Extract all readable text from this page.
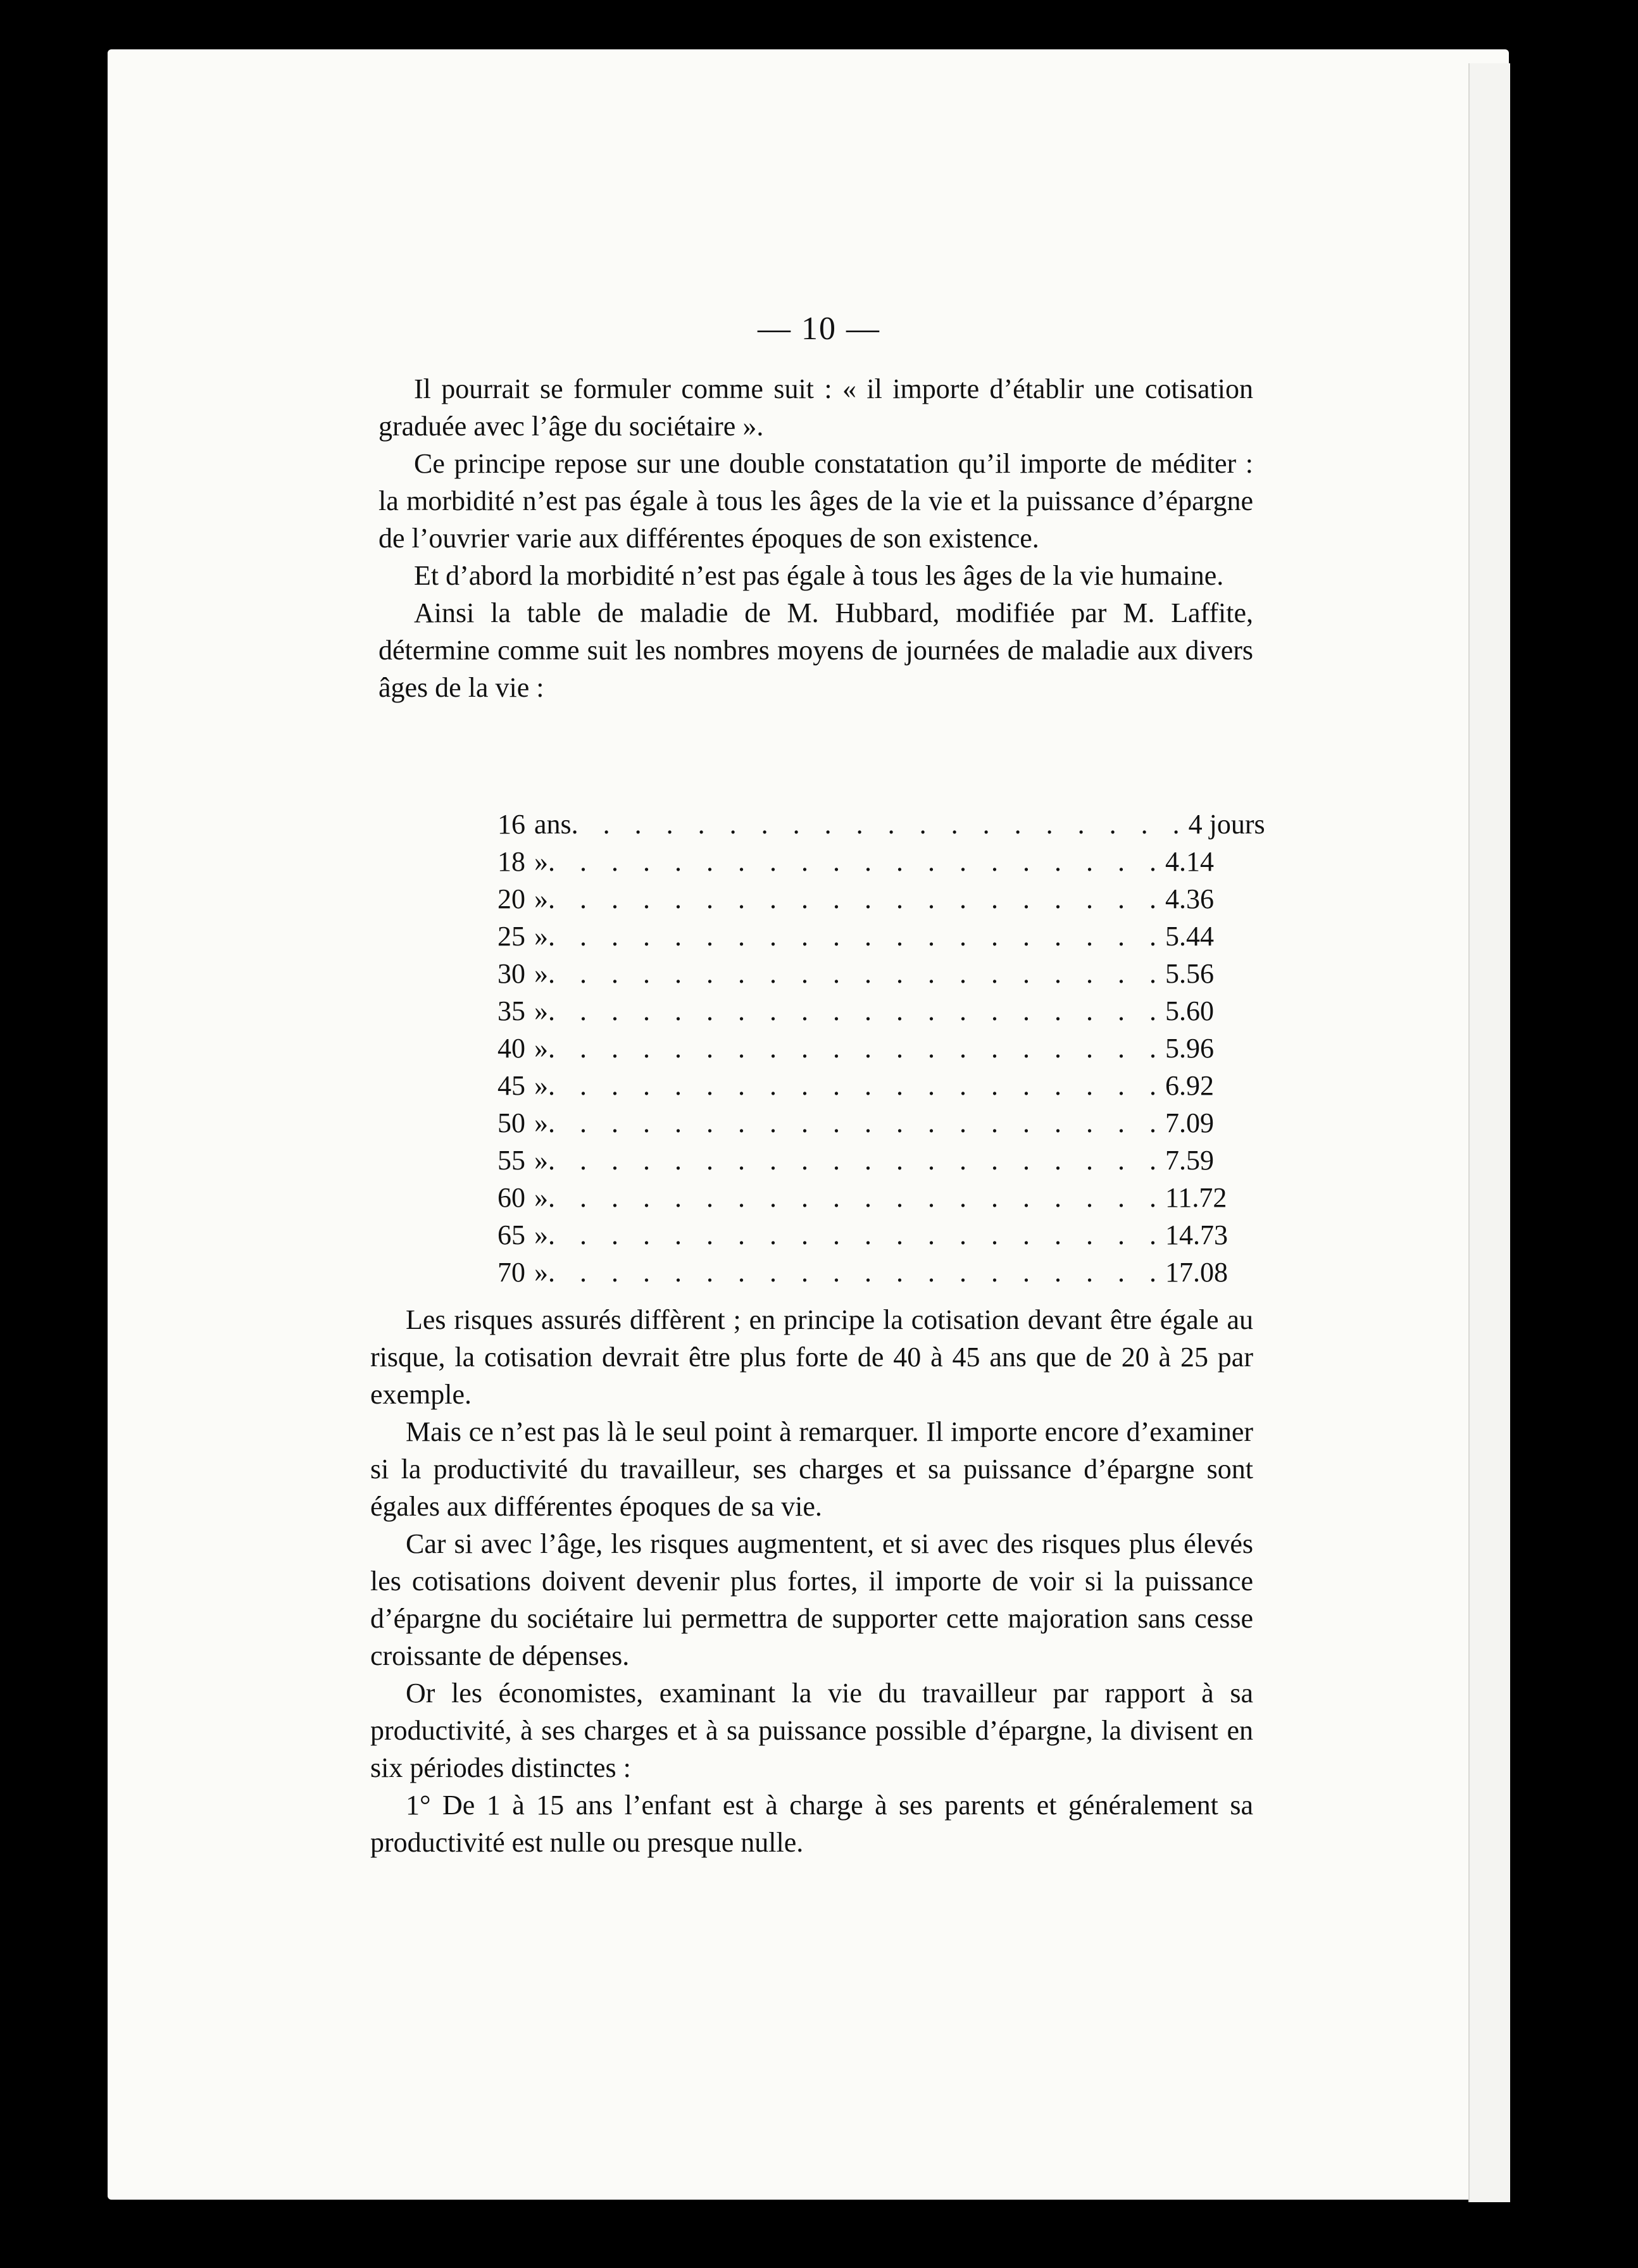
— 10 —

Il pourrait se formuler comme suit : « il importe d’établir une cotisation graduée avec l’âge du sociétaire ».

Ce principe repose sur une double constatation qu’il importe de méditer : la morbidité n’est pas égale à tous les âges de la vie et la puissance d’épargne de l’ouvrier varie aux différentes époques de son existence.

Et d’abord la morbidité n’est pas égale à tous les âges de la vie humaine.

Ainsi la table de maladie de M. Hubbard, modifiée par M. Laffite, détermine comme suit les nombres moyens de journées de maladie aux divers âges de la vie :

16 ans . . . . . . . . . . . . . . . . . . . . 4 jours
18 » . . . . . . . . . . . . . . . . . . . . 4.14
20 » . . . . . . . . . . . . . . . . . . . . 4.36
25 » . . . . . . . . . . . . . . . . . . . . 5.44
30 » . . . . . . . . . . . . . . . . . . . . 5.56
35 » . . . . . . . . . . . . . . . . . . . . 5.60
40 » . . . . . . . . . . . . . . . . . . . . 5.96
45 » . . . . . . . . . . . . . . . . . . . . 6.92
50 » . . . . . . . . . . . . . . . . . . . . 7.09
55 » . . . . . . . . . . . . . . . . . . . . 7.59
60 » . . . . . . . . . . . . . . . . . . . . 11.72
65 » . . . . . . . . . . . . . . . . . . . . 14.73
70 » . . . . . . . . . . . . . . . . . . . . 17.08

Les risques assurés diffèrent ; en principe la cotisation devant être égale au risque, la cotisation devrait être plus forte de 40 à 45 ans que de 20 à 25 par exemple.

Mais ce n’est pas là le seul point à remarquer. Il importe encore d’examiner si la productivité du travailleur, ses charges et sa puissance d’épargne sont égales aux différentes époques de sa vie.

Car si avec l’âge, les risques augmentent, et si avec des risques plus élevés les cotisations doivent devenir plus fortes, il importe de voir si la puissance d’épargne du sociétaire lui permettra de supporter cette majoration sans cesse croissante de dépenses.

Or les économistes, examinant la vie du travailleur par rapport à sa productivité, à ses charges et à sa puissance possible d’épargne, la divisent en six périodes distinctes :

1° De 1 à 15 ans l’enfant est à charge à ses parents et généralement sa productivité est nulle ou presque nulle.
